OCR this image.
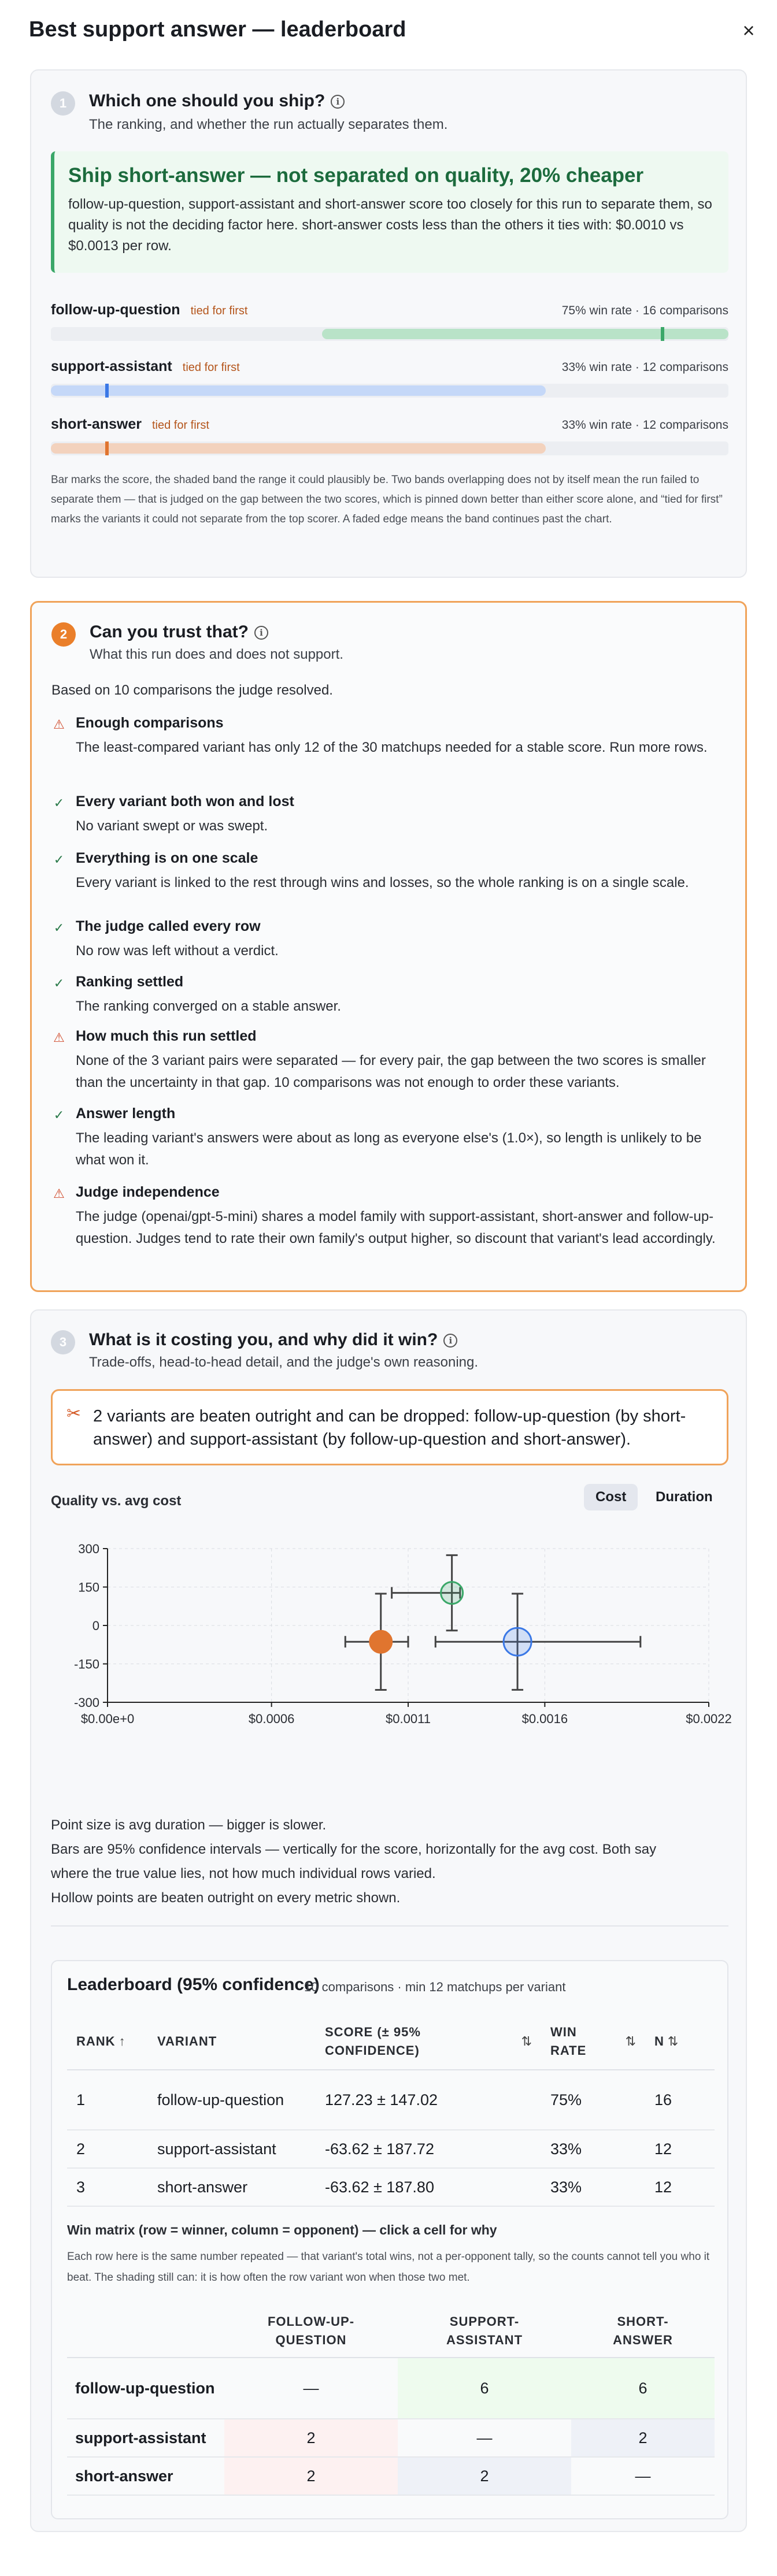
Best support answer — leaderboard	×
1	Which one should you ship? i
The ranking, and whether the run actually separates them.
Ship short-answer — not separated on quality, 20% cheaper
follow-up-question, support-assistant and short-answer score too closely for this run to separate them, so quality is not the deciding factor here. short-answer costs less than the others it ties with: $0.0010 vs $0.0013 per row.
follow-up-question tied for first	75% win rate · 16 comparisons
support-assistant tied for first	33% win rate · 12 comparisons
short-answer tied for first	33% win rate · 12 comparisons
Bar marks the score, the shaded band the range it could plausibly be. Two bands overlapping does not by itself mean the run failed to separate them — that is judged on the gap between the two scores, which is pinned down better than either score alone, and “tied for first” marks the variants it could not separate from the top scorer. A faded edge means the band continues past the chart.
2	Can you trust that? i
What this run does and does not support.
Based on 10 comparisons the judge resolved.
⚠ Enough comparisons
The least-compared variant has only 12 of the 30 matchups needed for a stable score. Run more rows.
✓ Every variant both won and lost
No variant swept or was swept.
✓ Everything is on one scale
Every variant is linked to the rest through wins and losses, so the whole ranking is on a single scale.
✓ The judge called every row
No row was left without a verdict.
✓ Ranking settled
The ranking converged on a stable answer.
⚠ How much this run settled
None of the 3 variant pairs were separated — for every pair, the gap between the two scores is smaller than the uncertainty in that gap. 10 comparisons was not enough to order these variants.
✓ Answer length
The leading variant's answers were about as long as everyone else's (1.0×), so length is unlikely to be what won it.
⚠ Judge independence
The judge (openai/gpt-5-mini) shares a model family with support-assistant, short-answer and follow-up-question. Judges tend to rate their own family's output higher, so discount that variant's lead accordingly.
3	What is it costing you, and why did it win? i
Trade-offs, head-to-head detail, and the judge's own reasoning.
✂ 2 variants are beaten outright and can be dropped: follow-up-question (by short-answer) and support-assistant (by follow-up-question and short-answer).
Quality vs. avg cost	Cost	Duration
300
150
0
-150
-300
$0.00e+0	$0.0006	$0.0011	$0.0016	$0.0022
Point size is avg duration — bigger is slower.
Bars are 95% confidence intervals — vertically for the score, horizontally for the avg cost. Both say
where the true value lies, not how much individual rows varied.
Hollow points are beaten outright on every metric shown.
Leaderboard (95% confidence)
10 comparisons · min 12 matchups per variant
RANK ↑	VARIANT	SCORE (± 95% CONFIDENCE)
⇅	WIN RATE
⇅	N ⇅
1	follow-up-question	127.23 ± 147.02	75%	16
2	support-assistant	-63.62 ± 187.72	33%	12
3	short-answer	-63.62 ± 187.80	33%	12
Win matrix (row = winner, column = opponent) — click a cell for why
Each row here is the same number repeated — that variant's total wins, not a per-opponent tally, so the counts cannot tell you who it beat. The shading still can: it is how often the row variant won when those two met.

	FOLLOW-UP-QUESTION	SUPPORT-ASSISTANT	SHORT-ANSWER

follow-up-question	—	6	6
support-assistant	2	—	2
short-answer	2	2	—
